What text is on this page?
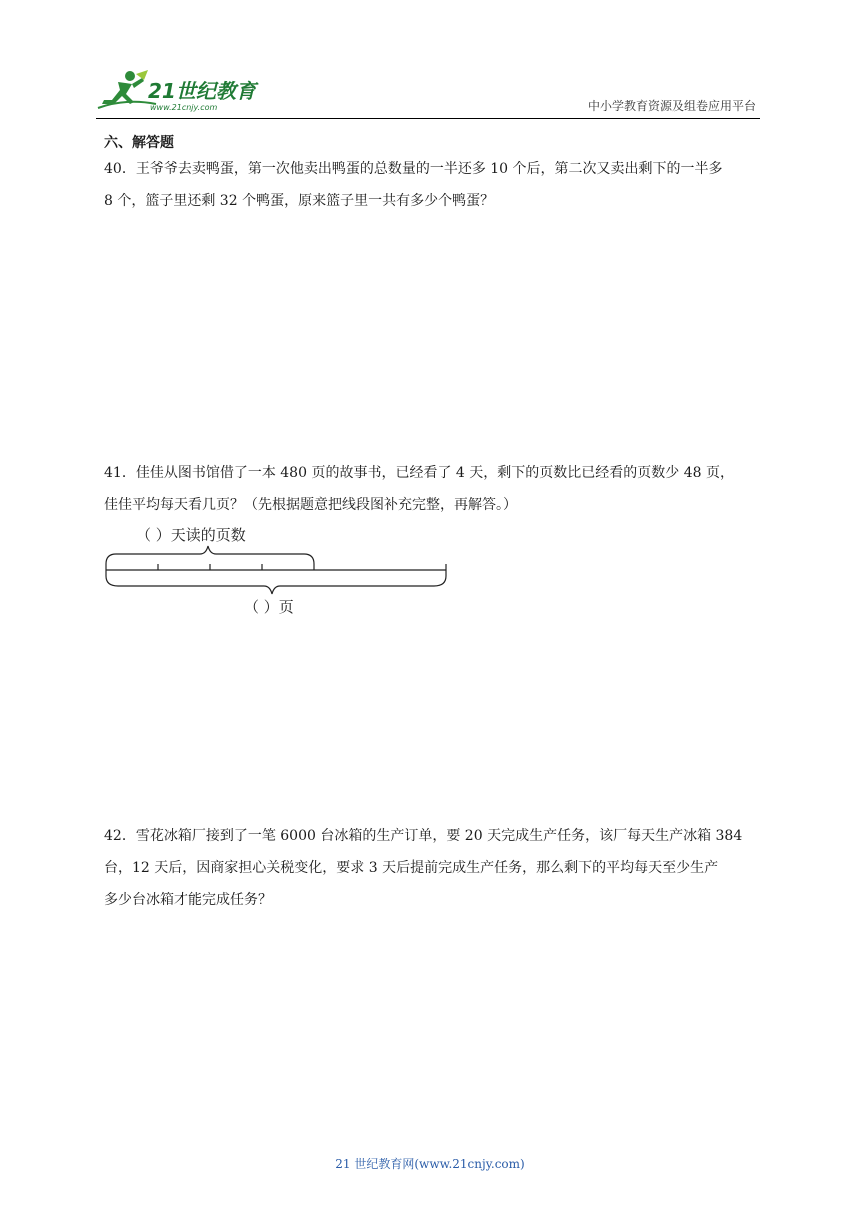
21世纪教育
www.21cnjy.com	中小学教育资源及组卷应用平台
六、解答题

40．王爷爷去卖鸭蛋，第一次他卖出鸭蛋的总数量的一半还多 10 个后，第二次又卖出剩下的一半多

8 个，篮子里还剩 32 个鸭蛋，原来篮子里一共有多少个鸭蛋？

41．佳佳从图书馆借了一本 480 页的故事书，已经看了 4 天，剩下的页数比已经看的页数少 48 页，

佳佳平均每天看几页？（先根据题意把线段图补充完整，再解答。）

（ ）天读的页数
（ ）页

42．雪花冰箱厂接到了一笔 6000 台冰箱的生产订单，要 20 天完成生产任务，该厂每天生产冰箱 384

台，12 天后，因商家担心关税变化，要求 3 天后提前完成生产任务，那么剩下的平均每天至少生产

多少台冰箱才能完成任务？

21 世纪教育网(www.21cnjy.com)
